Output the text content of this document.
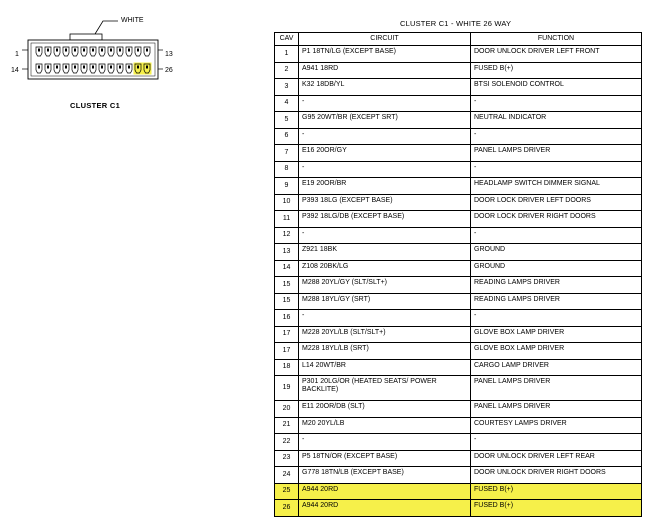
WHITE
1	13
14	26
CLUSTER C1
CLUSTER C1 - WHITE 26 WAY
CAV	CIRCUIT	FUNCTION
1	P1 18TN/LG (EXCEPT BASE)	DOOR UNLOCK DRIVER LEFT FRONT
2	A941 18RD	FUSED B(+)
3	K32 18DB/YL	BTSI SOLENOID CONTROL
4	-	-
5	G95 20WT/BR (EXCEPT SRT)	NEUTRAL INDICATOR
6	-	-
7	E16 20OR/GY	PANEL LAMPS DRIVER
8	-	-
9	E19 20OR/BR	HEADLAMP SWITCH DIMMER SIGNAL
10	P393 18LG (EXCEPT BASE)	DOOR LOCK DRIVER LEFT DOORS
11	P392 18LG/DB (EXCEPT BASE)	DOOR LOCK DRIVER RIGHT DOORS
12	-	-
13	Z921 18BK	GROUND
14	Z108 20BK/LG	GROUND
15	M288 20YL/GY (SLT/SLT+)	READING LAMPS DRIVER
15	M288 18YL/GY (SRT)	READING LAMPS DRIVER
16	-	-
17	M228 20YL/LB (SLT/SLT+)	GLOVE BOX LAMP DRIVER
17	M228 18YL/LB (SRT)	GLOVE BOX LAMP DRIVER
18	L14 20WT/BR	CARGO LAMP DRIVER
19	P301 20LG/OR (HEATED SEATS/ POWER BACKLITE)	PANEL LAMPS DRIVER
20	E11 20OR/DB (SLT)	PANEL LAMPS DRIVER
21	M20 20YL/LB	COURTESY LAMPS DRIVER
22	-	-
23	P5 18TN/OR (EXCEPT BASE)	DOOR UNLOCK DRIVER LEFT REAR
24	G778 18TN/LB (EXCEPT BASE)	DOOR UNLOCK DRIVER RIGHT DOORS
25	A944 20RD	FUSED B(+)
26	A944 20RD	FUSED B(+)
